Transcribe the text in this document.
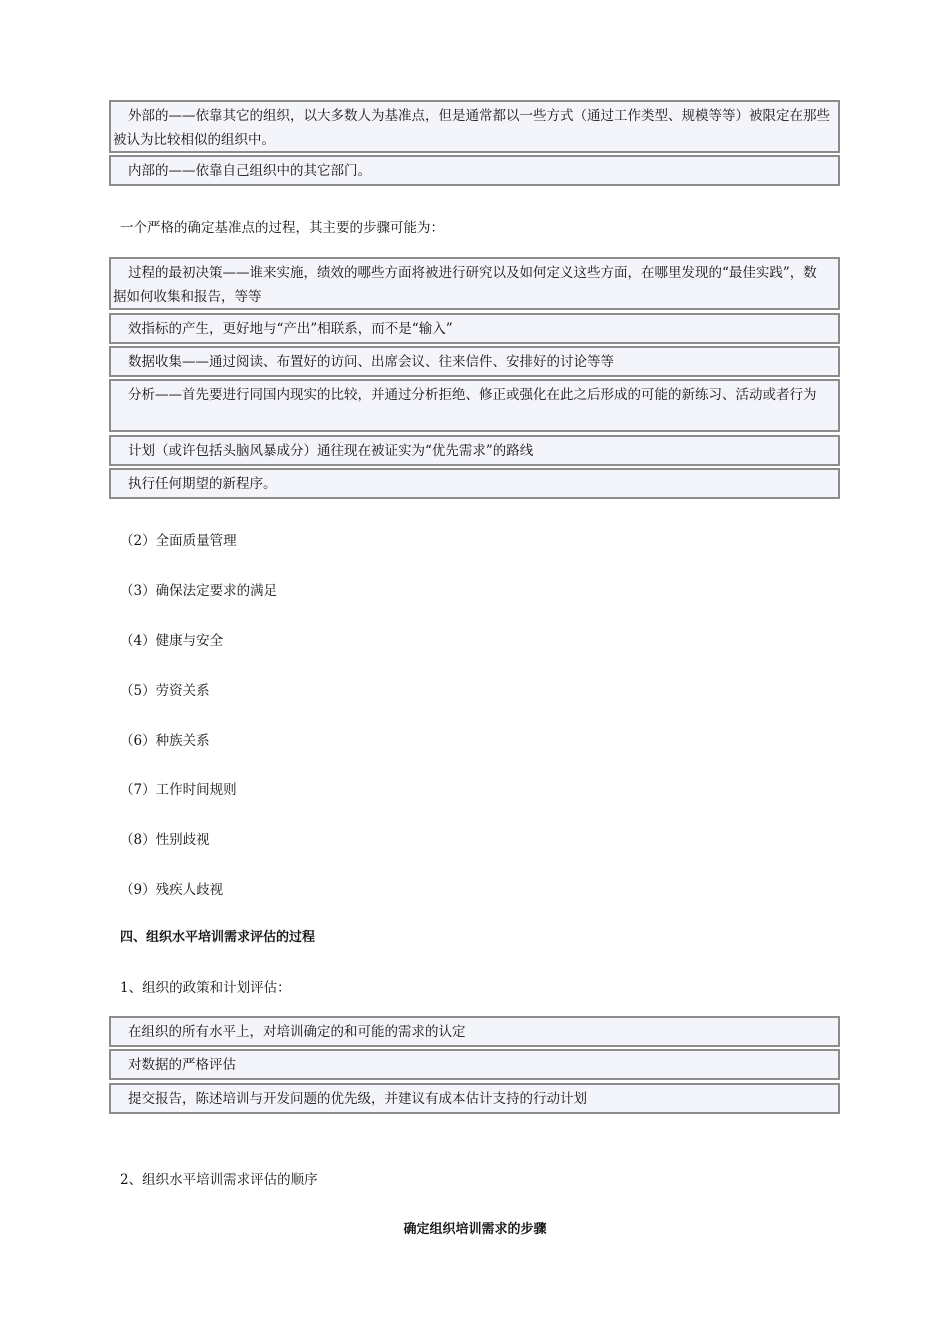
外部的——依靠其它的组织，以大多数人为基准点，但是通常都以一些方式（通过工作类型、规模等等）被限定在那些被认为比较相似的组织中。
内部的——依靠自己组织中的其它部门。
一个严格的确定基准点的过程，其主要的步骤可能为：
过程的最初决策——谁来实施，绩效的哪些方面将被进行研究以及如何定义这些方面，在哪里发现的“最佳实践”，数据如何收集和报告，等等
效指标的产生，更好地与“产出”相联系，而不是“输入”
数据收集——通过阅读、布置好的访问、出席会议、往来信件、安排好的讨论等等
分析——首先要进行同国内现实的比较，并通过分析拒绝、修正或强化在此之后形成的可能的新练习、活动或者行为
计划（或许包括头脑风暴成分）通往现在被证实为“优先需求”的路线
执行任何期望的新程序。
（2）全面质量管理
（3）确保法定要求的满足
（4）健康与安全
（5）劳资关系
（6）种族关系
（7）工作时间规则
（8）性别歧视
（9）残疾人歧视
四、组织水平培训需求评估的过程
1、组织的政策和计划评估：
在组织的所有水平上，对培训确定的和可能的需求的认定
对数据的严格评估
提交报告，陈述培训与开发问题的优先级，并建议有成本估计支持的行动计划
2、组织水平培训需求评估的顺序
确定组织培训需求的步骤
